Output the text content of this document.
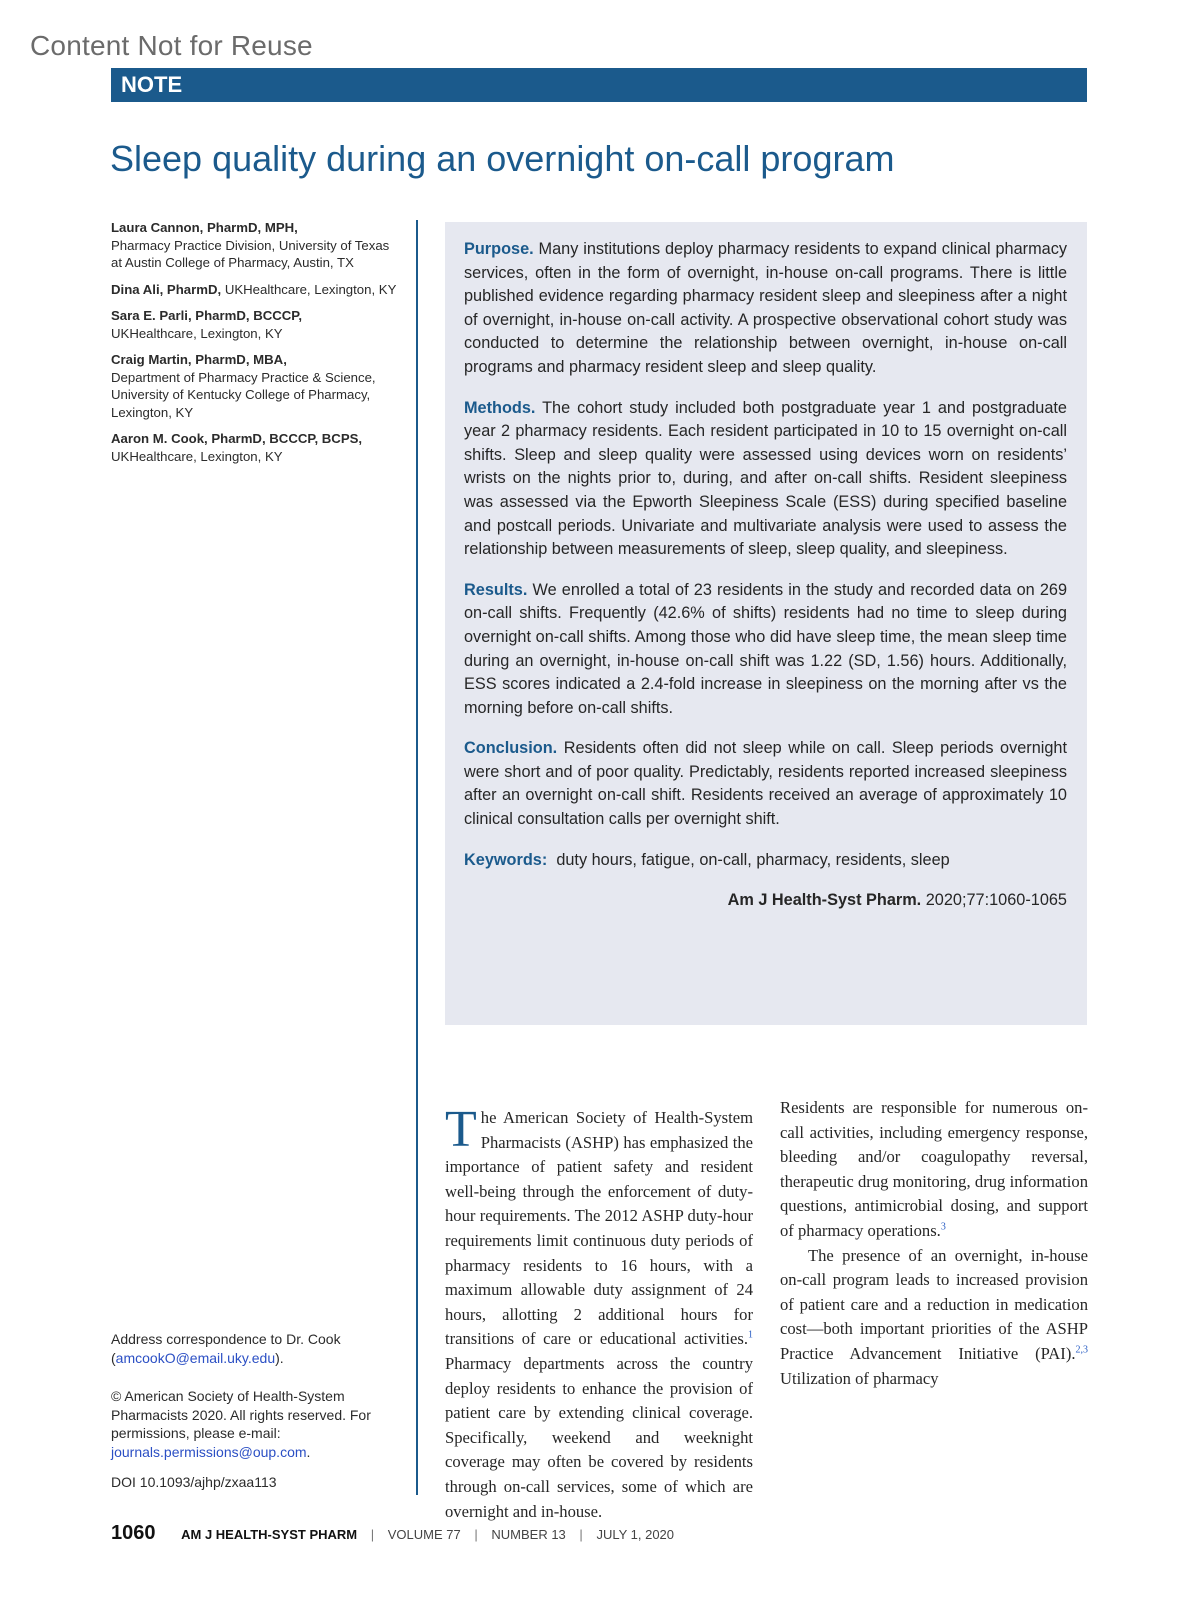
Content Not for Reuse
NOTE
Sleep quality during an overnight on-call program
Laura Cannon, PharmD, MPH,
Pharmacy Practice Division, University of Texas at Austin College of Pharmacy, Austin, TX
Dina Ali, PharmD, UKHealthcare, Lexington, KY
Sara E. Parli, PharmD, BCCCP,
UKHealthcare, Lexington, KY
Craig Martin, PharmD, MBA,
Department of Pharmacy Practice & Science, University of Kentucky College of Pharmacy, Lexington, KY
Aaron M. Cook, PharmD, BCCCP, BCPS, UKHealthcare, Lexington, KY

Purpose. Many institutions deploy pharmacy residents to expand clinical pharmacy services, often in the form of overnight, in-house on-call programs. There is little published evidence regarding pharmacy resident sleep and sleepiness after a night of overnight, in-house on-call activity. A prospective observational cohort study was conducted to determine the relationship between overnight, in-house on-call programs and pharmacy resident sleep and sleep quality.

Methods. The cohort study included both postgraduate year 1 and postgraduate year 2 pharmacy residents. Each resident participated in 10 to 15 overnight on-call shifts. Sleep and sleep quality were assessed using devices worn on residents’ wrists on the nights prior to, during, and after on-call shifts. Resident sleepiness was assessed via the Epworth Sleepiness Scale (ESS) during specified baseline and postcall periods. Univariate and multivariate analysis were used to assess the relationship between measurements of sleep, sleep quality, and sleepiness.

Results. We enrolled a total of 23 residents in the study and recorded data on 269 on-call shifts. Frequently (42.6% of shifts) residents had no time to sleep during overnight on-call shifts. Among those who did have sleep time, the mean sleep time during an overnight, in-house on-call shift was 1.22 (SD, 1.56) hours. Additionally, ESS scores indicated a 2.4-fold increase in sleepiness on the morning after vs the morning before on-call shifts.

Conclusion. Residents often did not sleep while on call. Sleep periods overnight were short and of poor quality. Predictably, residents reported increased sleepiness after an overnight on-call shift. Residents received an average of approximately 10 clinical consultation calls per overnight shift.

Keywords: duty hours, fatigue, on-call, pharmacy, residents, sleep

Am J Health-Syst Pharm. 2020;77:1060-1065

The American Society of Health-System Pharmacists (ASHP) has emphasized the importance of patient safety and resident well-being through the enforcement of duty-hour requirements. The 2012 ASHP duty-hour requirements limit continuous duty periods of pharmacy residents to 16 hours, with a maximum allowable duty assignment of 24 hours, allotting 2 additional hours for transitions of care or educational activities.$^1$ Pharmacy departments across the country deploy residents to enhance the provision of patient care by extending clinical coverage. Specifically, weekend and weeknight coverage may often be covered by residents through on-call services, some of which are overnight and in-house.

Residents are responsible for numerous on-call activities, including emergency response, bleeding and/or coagulopathy reversal, therapeutic drug monitoring, drug information questions, antimicrobial dosing, and support of pharmacy operations.$^3$

The presence of an overnight, in-house on-call program leads to increased provision of patient care and a reduction in medication cost—both important priorities of the ASHP Practice Advancement Initiative (PAI).$^{2,3}$ Utilization of pharmacy

Address correspondence to Dr. Cook (amcookO@email.uky.edu).
© American Society of Health-System Pharmacists 2020. All rights reserved. For permissions, please e-mail: journals.permissions@oup.com.
DOI 10.1093/ajhp/zxaa113
1060 AM J HEALTH-SYST PHARM | VOLUME 77 | NUMBER 13 | JULY 1, 2020
